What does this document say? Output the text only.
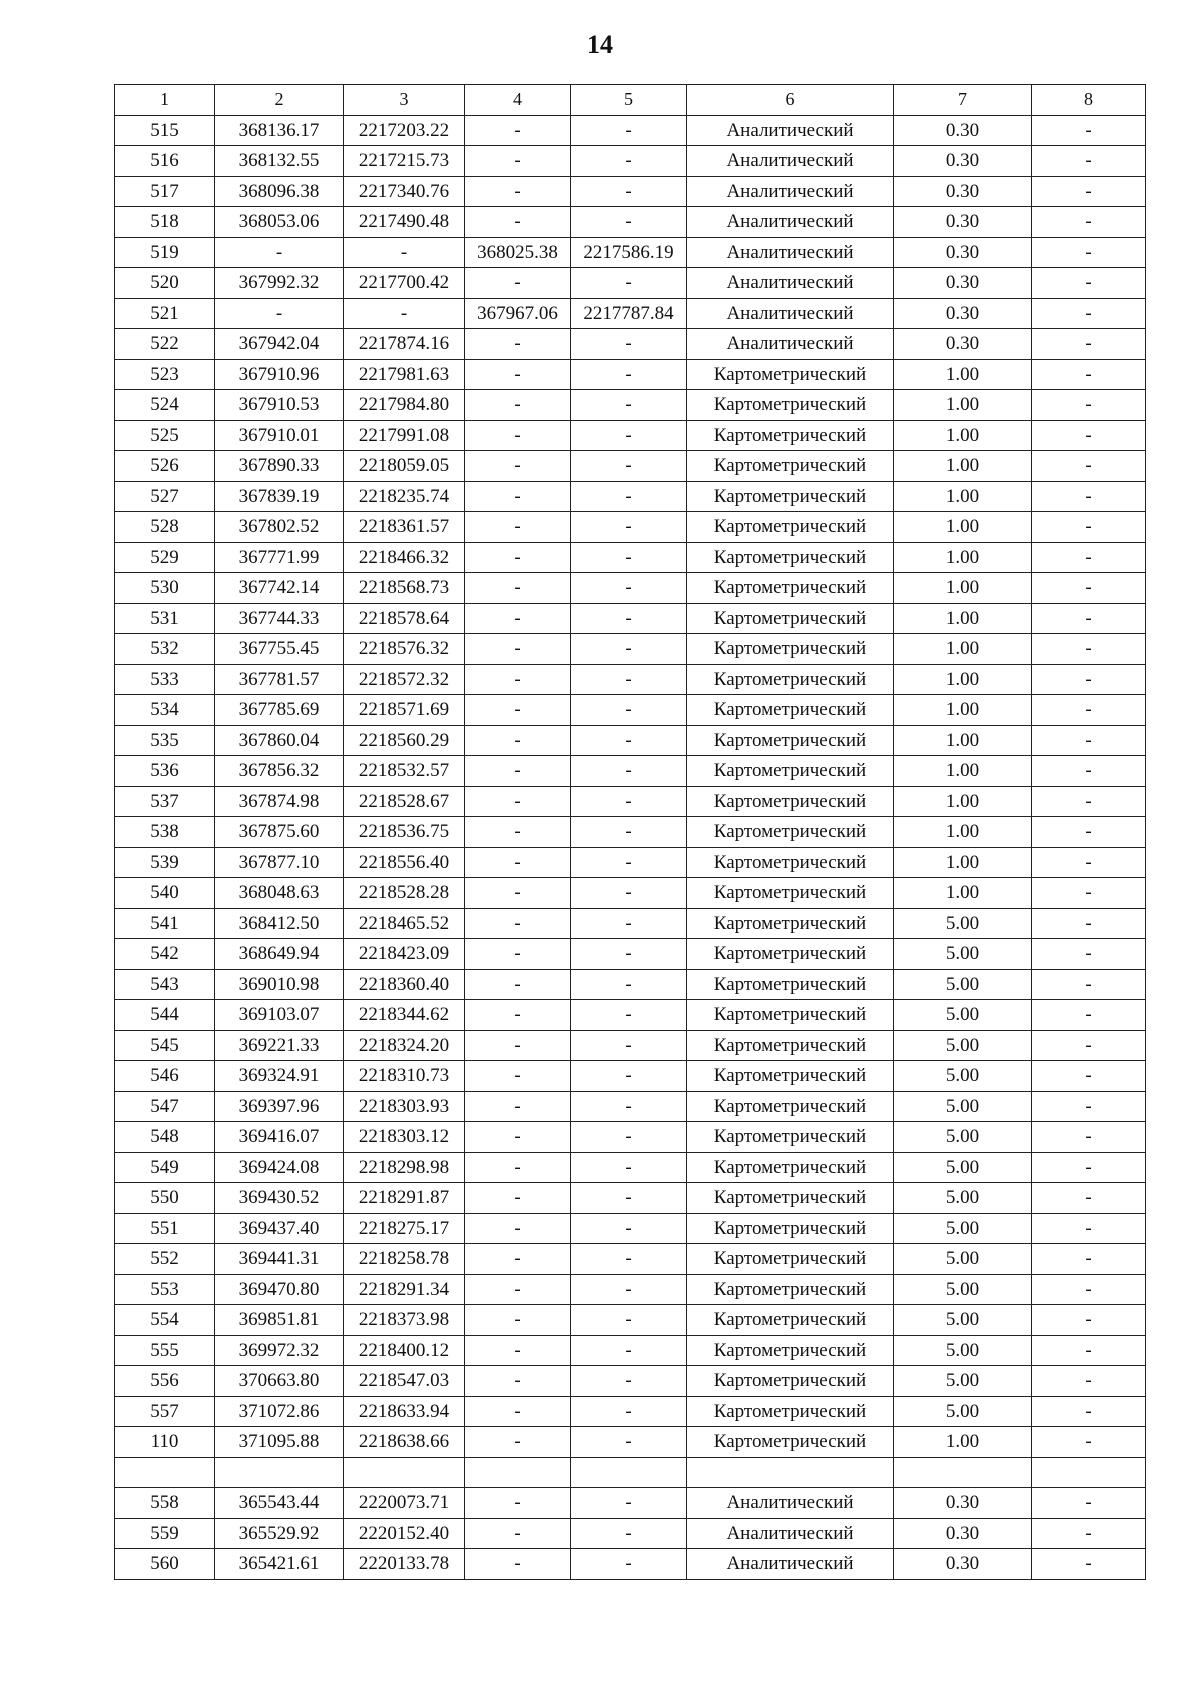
14
1	2	3	4	5	6	7	8
515	368136.17	2217203.22	-	-	Аналитический	0.30	-
516	368132.55	2217215.73	-	-	Аналитический	0.30	-
517	368096.38	2217340.76	-	-	Аналитический	0.30	-
518	368053.06	2217490.48	-	-	Аналитический	0.30	-
519	-	-	368025.38	2217586.19	Аналитический	0.30	-
520	367992.32	2217700.42	-	-	Аналитический	0.30	-
521	-	-	367967.06	2217787.84	Аналитический	0.30	-
522	367942.04	2217874.16	-	-	Аналитический	0.30	-
523	367910.96	2217981.63	-	-	Картометрический	1.00	-
524	367910.53	2217984.80	-	-	Картометрический	1.00	-
525	367910.01	2217991.08	-	-	Картометрический	1.00	-
526	367890.33	2218059.05	-	-	Картометрический	1.00	-
527	367839.19	2218235.74	-	-	Картометрический	1.00	-
528	367802.52	2218361.57	-	-	Картометрический	1.00	-
529	367771.99	2218466.32	-	-	Картометрический	1.00	-
530	367742.14	2218568.73	-	-	Картометрический	1.00	-
531	367744.33	2218578.64	-	-	Картометрический	1.00	-
532	367755.45	2218576.32	-	-	Картометрический	1.00	-
533	367781.57	2218572.32	-	-	Картометрический	1.00	-
534	367785.69	2218571.69	-	-	Картометрический	1.00	-
535	367860.04	2218560.29	-	-	Картометрический	1.00	-
536	367856.32	2218532.57	-	-	Картометрический	1.00	-
537	367874.98	2218528.67	-	-	Картометрический	1.00	-
538	367875.60	2218536.75	-	-	Картометрический	1.00	-
539	367877.10	2218556.40	-	-	Картометрический	1.00	-
540	368048.63	2218528.28	-	-	Картометрический	1.00	-
541	368412.50	2218465.52	-	-	Картометрический	5.00	-
542	368649.94	2218423.09	-	-	Картометрический	5.00	-
543	369010.98	2218360.40	-	-	Картометрический	5.00	-
544	369103.07	2218344.62	-	-	Картометрический	5.00	-
545	369221.33	2218324.20	-	-	Картометрический	5.00	-
546	369324.91	2218310.73	-	-	Картометрический	5.00	-
547	369397.96	2218303.93	-	-	Картометрический	5.00	-
548	369416.07	2218303.12	-	-	Картометрический	5.00	-
549	369424.08	2218298.98	-	-	Картометрический	5.00	-
550	369430.52	2218291.87	-	-	Картометрический	5.00	-
551	369437.40	2218275.17	-	-	Картометрический	5.00	-
552	369441.31	2218258.78	-	-	Картометрический	5.00	-
553	369470.80	2218291.34	-	-	Картометрический	5.00	-
554	369851.81	2218373.98	-	-	Картометрический	5.00	-
555	369972.32	2218400.12	-	-	Картометрический	5.00	-
556	370663.80	2218547.03	-	-	Картометрический	5.00	-
557	371072.86	2218633.94	-	-	Картометрический	5.00	-
110	371095.88	2218638.66	-	-	Картометрический	1.00	-

558	365543.44	2220073.71	-	-	Аналитический	0.30	-
559	365529.92	2220152.40	-	-	Аналитический	0.30	-
560	365421.61	2220133.78	-	-	Аналитический	0.30	-
